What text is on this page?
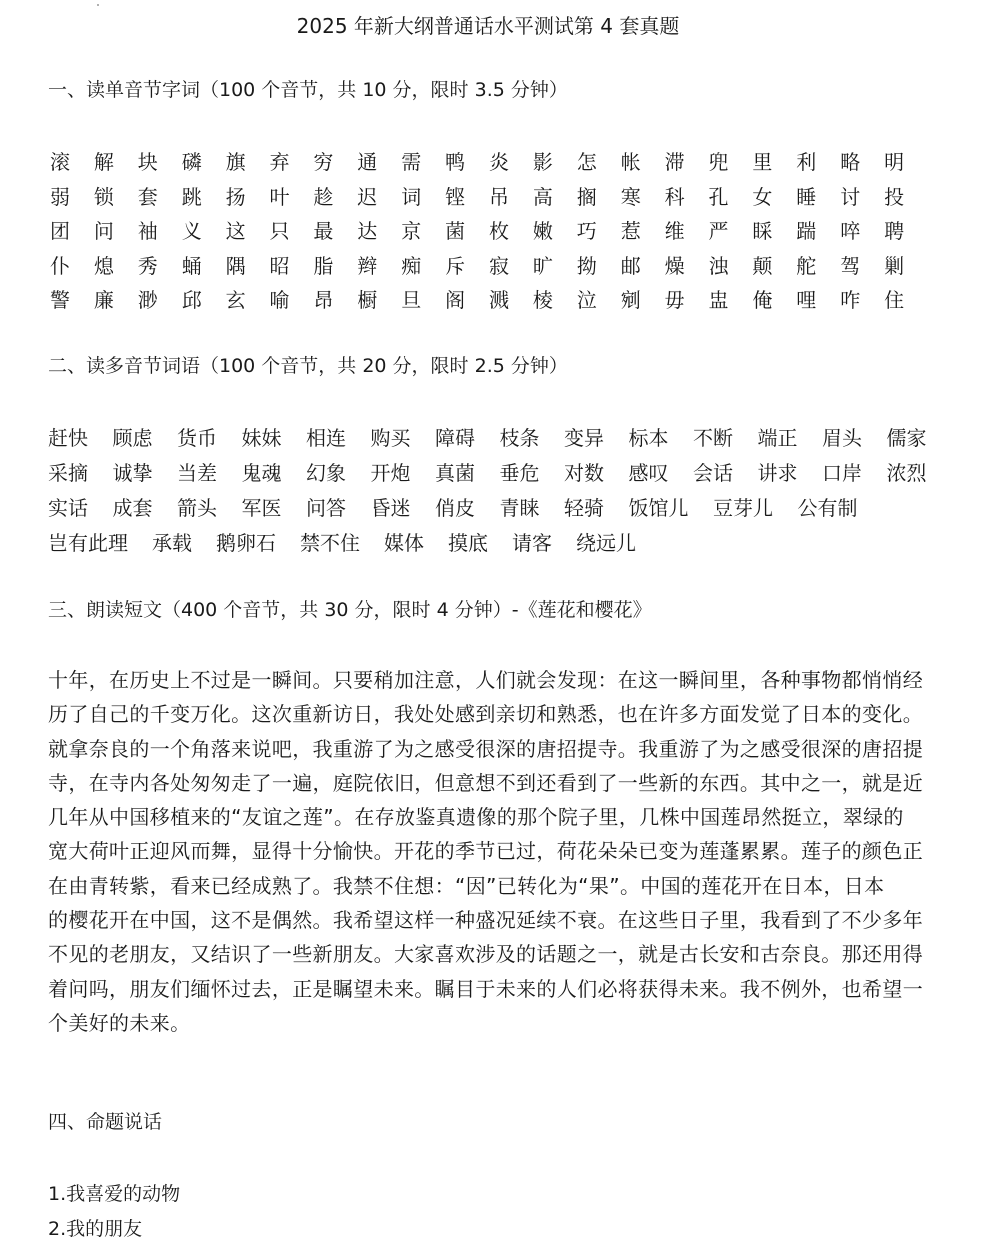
2025 年新大纲普通话水平测试第 4 套真题
一、读单音节字词（100 个音节，共 10 分，限时 3.5 分钟）
滚 解 块 磷 旗 弃 穷 通 需 鸭 炎 影 怎 帐 滞 兜 里 利 略 明
弱 锁 套 跳 扬 叶 趁 迟 词 铿 吊 高 搁 寒 科 孔 女 睡 讨 投
团 问 袖 义 这 只 最 达 京 菌 枚 嫩 巧 惹 维 严 睬 踹 啐 聘
仆 熄 秀 蛹 隅 昭 脂 辫 痴 斥 寂 旷 拗 邮 燥 浊 颠 舵 驾 剿
警 廉 渺 邱 玄 喻 昂 橱 旦 阁 溅 棱 泣 剜 毋 盅 俺 哩 咋 住
二、读多音节词语（100 个音节，共 20 分，限时 2.5 分钟）
赶快 顾虑 货币 妹妹 相连 购买 障碍 枝条 变异 标本 不断 端正 眉头 儒家
采摘 诚挚 当差 鬼魂 幻象 开炮 真菌 垂危 对数 感叹 会话 讲求 口岸 浓烈
实话 成套 箭头 军医 问答 昏迷 俏皮 青睐 轻骑 饭馆儿 豆芽儿 公有制
岂有此理 承载 鹅卵石 禁不住 媒体 摸底 请客 绕远儿
三、朗读短文（400 个音节，共 30 分，限时 4 分钟）-《莲花和樱花》
十年，在历史上不过是一瞬间。只要稍加注意，人们就会发现：在这一瞬间里，各种事物都悄悄经
历了自己的千变万化。这次重新访日，我处处感到亲切和熟悉，也在许多方面发觉了日本的变化。
就拿奈良的一个角落来说吧，我重游了为之感受很深的唐招提寺。我重游了为之感受很深的唐招提
寺，在寺内各处匆匆走了一遍，庭院依旧，但意想不到还看到了一些新的东西。其中之一，就是近
几年从中国移植来的“友谊之莲”。在存放鉴真遗像的那个院子里，几株中国莲昂然挺立，翠绿的
宽大荷叶正迎风而舞，显得十分愉快。开花的季节已过，荷花朵朵已变为莲蓬累累。莲子的颜色正
在由青转紫，看来已经成熟了。我禁不住想：“因”已转化为“果”。中国的莲花开在日本，日本
的樱花开在中国，这不是偶然。我希望这样一种盛况延续不衰。在这些日子里，我看到了不少多年
不见的老朋友，又结识了一些新朋友。大家喜欢涉及的话题之一，就是古长安和古奈良。那还用得
着问吗，朋友们缅怀过去，正是瞩望未来。瞩目于未来的人们必将获得未来。我不例外，也希望一
个美好的未来。
四、命题说话
1.我喜爱的动物
2.我的朋友
